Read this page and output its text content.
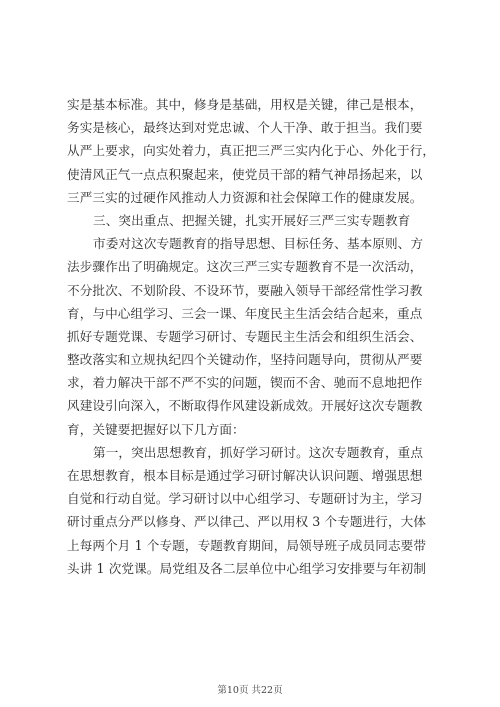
实是基本标准。其中，修身是基础，用权是关键，律己是根本，
务实是核心，最终达到对党忠诚、个人干净、敢于担当。我们要
从严上要求，向实处着力，真正把三严三实内化于心、外化于行，
使清风正气一点点积聚起来，使党员干部的精气神昂扬起来，以
三严三实的过硬作风推动人力资源和社会保障工作的健康发展。
三、突出重点、把握关键，扎实开展好三严三实专题教育
市委对这次专题教育的指导思想、目标任务、基本原则、方
法步骤作出了明确规定。这次三严三实专题教育不是一次活动，
不分批次、不划阶段、不设环节，要融入领导干部经常性学习教
育，与中心组学习、三会一课、年度民主生活会结合起来，重点
抓好专题党课、专题学习研讨、专题民主生活会和组织生活会、
整改落实和立规执纪四个关键动作，坚持问题导向，贯彻从严要
求，着力解决干部不严不实的问题，锲而不舍、驰而不息地把作
风建设引向深入，不断取得作风建设新成效。开展好这次专题教
育，关键要把握好以下几方面：
第一，突出思想教育，抓好学习研讨。这次专题教育，重点
在思想教育，根本目标是通过学习研讨解决认识问题、增强思想
自觉和行动自觉。学习研讨以中心组学习、专题研讨为主，学习
研讨重点分严以修身、严以律己、严以用权 3 个专题进行，大体
上每两个月 1 个专题，专题教育期间，局领导班子成员同志要带
头讲 1 次党课。局党组及各二层单位中心组学习安排要与年初制
第10页 共22页
